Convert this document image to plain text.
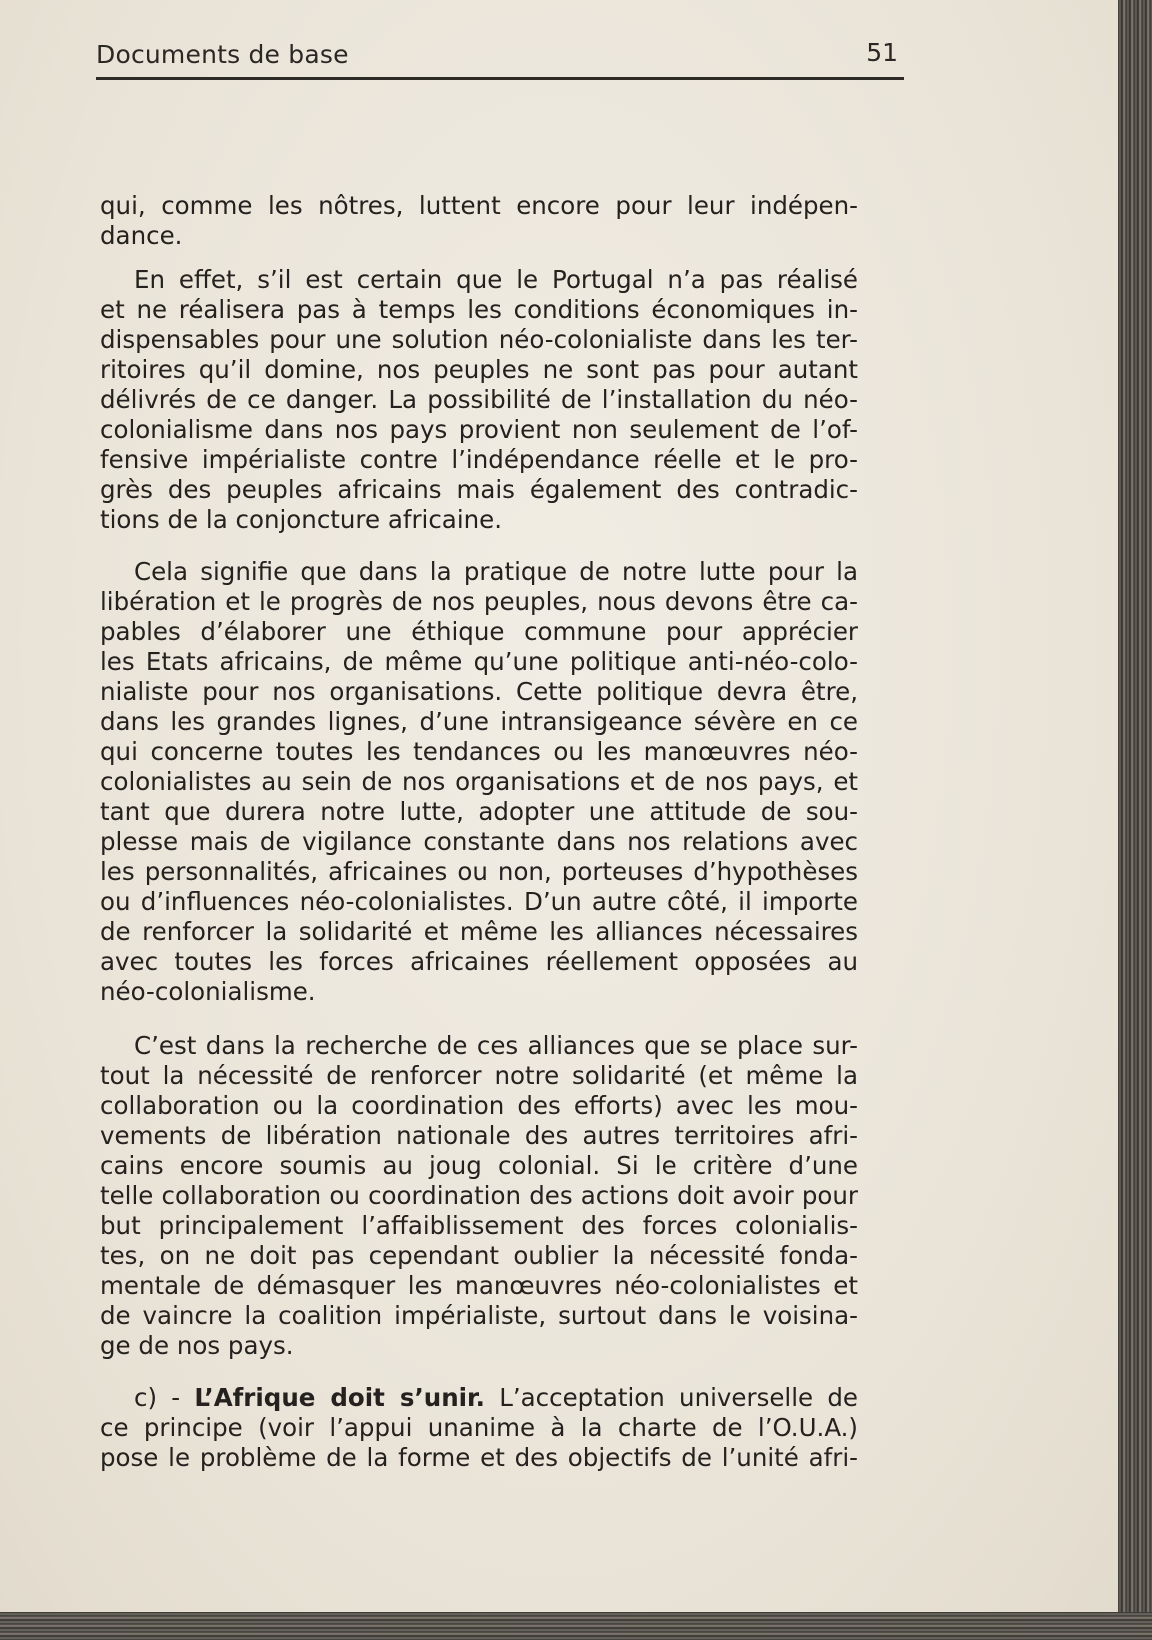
Documents de base	51
qui, comme les nôtres, luttent encore pour leur indépen-
dance.
En effet, s’il est certain que le Portugal n’a pas réalisé
et ne réalisera pas à temps les conditions économiques in-
dispensables pour une solution néo-colonialiste dans les ter-
ritoires qu’il domine, nos peuples ne sont pas pour autant
délivrés de ce danger. La possibilité de l’installation du néo-
colonialisme dans nos pays provient non seulement de l’of-
fensive impérialiste contre l’indépendance réelle et le pro-
grès des peuples africains mais également des contradic-
tions de la conjoncture africaine.
Cela signifie que dans la pratique de notre lutte pour la
libération et le progrès de nos peuples, nous devons être ca-
pables d’élaborer une éthique commune pour apprécier
les Etats africains, de même qu’une politique anti-néo-colo-
nialiste pour nos organisations. Cette politique devra être,
dans les grandes lignes, d’une intransigeance sévère en ce
qui concerne toutes les tendances ou les manœuvres néo-
colonialistes au sein de nos organisations et de nos pays, et
tant que durera notre lutte, adopter une attitude de sou-
plesse mais de vigilance constante dans nos relations avec
les personnalités, africaines ou non, porteuses d’hypothèses
ou d’influences néo-colonialistes. D’un autre côté, il importe
de renforcer la solidarité et même les alliances nécessaires
avec toutes les forces africaines réellement opposées au
néo-colonialisme.
C’est dans la recherche de ces alliances que se place sur-
tout la nécessité de renforcer notre solidarité (et même la
collaboration ou la coordination des efforts) avec les mou-
vements de libération nationale des autres territoires afri-
cains encore soumis au joug colonial. Si le critère d’une
telle collaboration ou coordination des actions doit avoir pour
but principalement l’affaiblissement des forces colonialis-
tes, on ne doit pas cependant oublier la nécessité fonda-
mentale de démasquer les manœuvres néo-colonialistes et
de vaincre la coalition impérialiste, surtout dans le voisina-
ge de nos pays.
c) - L’Afrique doit s’unir. L’acceptation universelle de
ce principe (voir l’appui unanime à la charte de l’O.U.A.)
pose le problème de la forme et des objectifs de l’unité afri-
